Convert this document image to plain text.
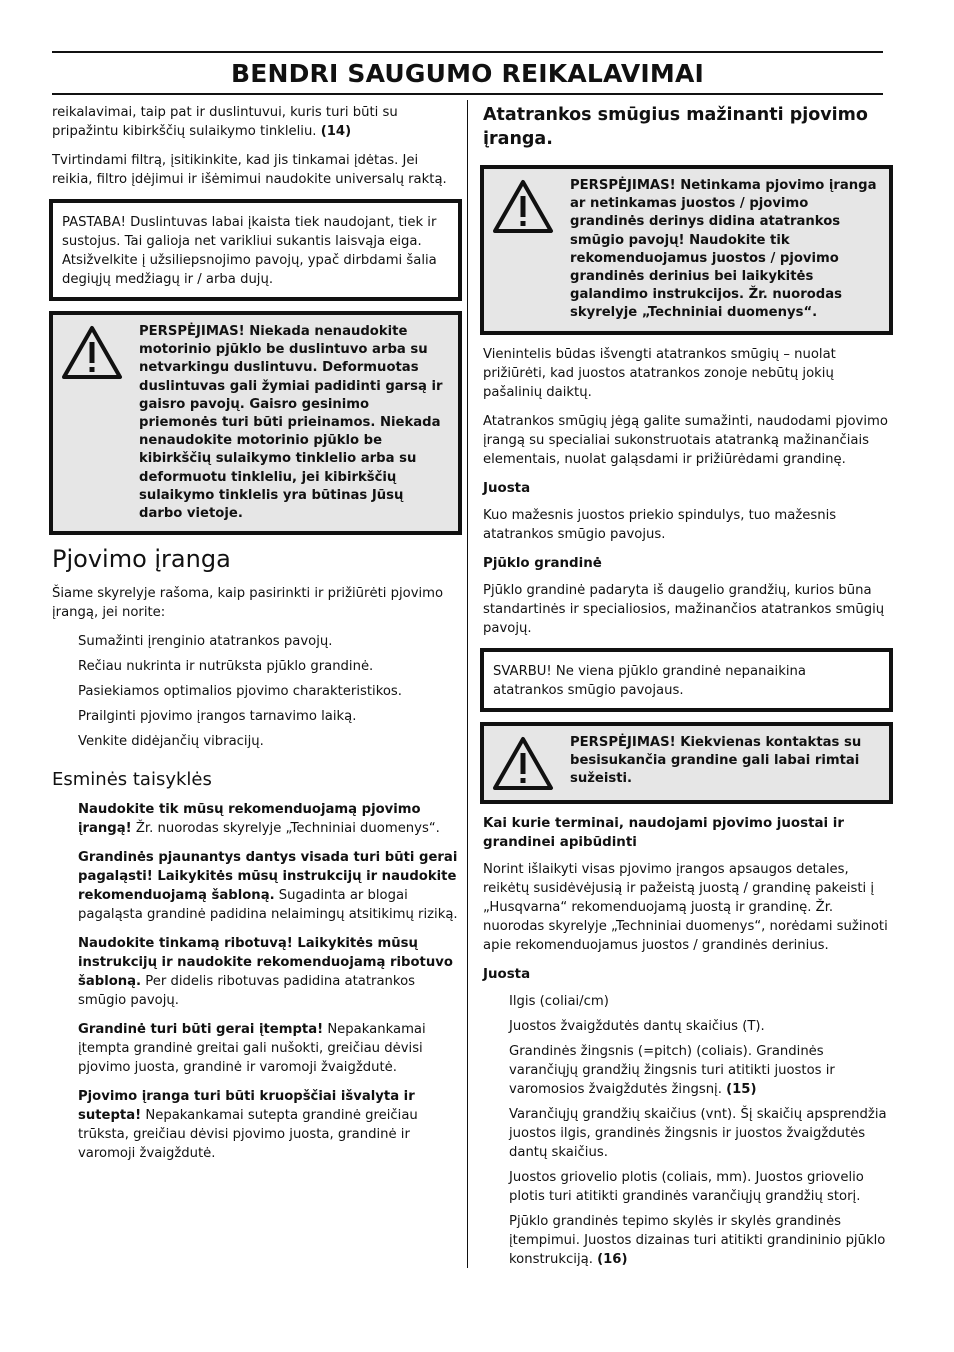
BENDRI SAUGUMO REIKALAVIMAI

reikalavimai, taip pat ir duslintuvui, kuris turi būti su pripažintu kibirkščių sulaikymo tinkleliu. (14)

Tvirtindami filtrą, įsitikinkite, kad jis tinkamai įdėtas. Jei reikia, filtro įdėjimui ir išėmimui naudokite universalų raktą.

PASTABA! Duslintuvas labai įkaista tiek naudojant, tiek ir sustojus. Tai galioja net varikliui sukantis laisvąja eiga. Atsižvelkite į užsiliepsnojimo pavojų, ypač dirbdami šalia degiųjų medžiagų ir / arba dujų.

PERSPĖJIMAS! Niekada nenaudokite motorinio pjūklo be duslintuvo arba su netvarkingu duslintuvu. Deformuotas duslintuvas gali žymiai padidinti garsą ir gaisro pavojų. Gaisro gesinimo priemonės turi būti prieinamos. Niekada nenaudokite motorinio pjūklo be kibirkščių sulaikymo tinklelio arba su deformuotu tinkleliu, jei kibirkščių sulaikymo tinklelis yra būtinas Jūsų darbo vietoje.

Pjovimo įranga

Šiame skyrelyje rašoma, kaip pasirinkti ir prižiūrėti pjovimo įrangą, jei norite:

Sumažinti įrenginio atatrankos pavojų.

Rečiau nukrinta ir nutrūksta pjūklo grandinė.

Pasiekiamos optimalios pjovimo charakteristikos.

Prailginti pjovimo įrangos tarnavimo laiką.

Venkite didėjančių vibracijų.

Esminės taisyklės

Naudokite tik mūsų rekomenduojamą pjovimo įrangą! Žr. nuorodas skyrelyje „Techniniai duomenys“.

Grandinės pjaunantys dantys visada turi būti gerai pagaląsti! Laikykitės mūsų instrukcijų ir naudokite rekomenduojamą šabloną. Sugadinta ar blogai pagaląsta grandinė padidina nelaimingų atsitikimų riziką.

Naudokite tinkamą ribotuvą! Laikykitės mūsų instrukcijų ir naudokite rekomenduojamą ribotuvo šabloną. Per didelis ribotuvas padidina atatrankos smūgio pavojų.

Grandinė turi būti gerai įtempta! Nepakankamai įtempta grandinė greitai gali nušokti, greičiau dėvisi pjovimo juosta, grandinė ir varomoji žvaigždutė.

Pjovimo įranga turi būti kruopščiai išvalyta ir sutepta! Nepakankamai sutepta grandinė greičiau trūksta, greičiau dėvisi pjovimo juosta, grandinė ir varomoji žvaigždutė.

Atatrankos smūgius mažinanti pjovimo įranga.

PERSPĖJIMAS! Netinkama pjovimo įranga ar netinkamas juostos / pjovimo grandinės derinys didina atatrankos smūgio pavojų! Naudokite tik rekomenduojamus juostos / pjovimo grandinės derinius bei laikykitės galandimo instrukcijos. Žr. nuorodas skyrelyje „Techniniai duomenys“.

Vienintelis būdas išvengti atatrankos smūgių – nuolat prižiūrėti, kad juostos atatrankos zonoje nebūtų jokių pašalinių daiktų.

Atatrankos smūgių jėgą galite sumažinti, naudodami pjovimo įrangą su specialiai sukonstruotais atatranką mažinančiais elementais, nuolat galąsdami ir prižiūrėdami grandinę.

Juosta

Kuo mažesnis juostos priekio spindulys, tuo mažesnis atatrankos smūgio pavojus.

Pjūklo grandinė

Pjūklo grandinė padaryta iš daugelio grandžių, kurios būna standartinės ir specialiosios, mažinančios atatrankos smūgių pavojų.

SVARBU! Ne viena pjūklo grandinė nepanaikina atatrankos smūgio pavojaus.

PERSPĖJIMAS! Kiekvienas kontaktas su besisukančia grandine gali labai rimtai sužeisti.

Kai kurie terminai, naudojami pjovimo juostai ir grandinei apibūdinti

Norint išlaikyti visas pjovimo įrangos apsaugos detales, reikėtų susidėvėjusią ir pažeistą juostą / grandinę pakeisti į „Husqvarna“ rekomenduojamą juostą ir grandinę. Žr. nuorodas skyrelyje „Techniniai duomenys“, norėdami sužinoti apie rekomenduojamus juostos / grandinės derinius.

Juosta

Ilgis (coliai/cm)

Juostos žvaigždutės dantų skaičius (T).

Grandinės žingsnis (=pitch) (coliais). Grandinės varančiųjų grandžių žingsnis turi atitikti juostos ir varomosios žvaigždutės žingsnį. (15)

Varančiųjų grandžių skaičius (vnt). Šį skaičių apsprendžia juostos ilgis, grandinės žingsnis ir juostos žvaigždutės dantų skaičius.

Juostos griovelio plotis (coliais, mm). Juostos griovelio plotis turi atitikti grandinės varančiųjų grandžių storį.

Pjūklo grandinės tepimo skylės ir skylės grandinės įtempimui. Juostos dizainas turi atitikti grandininio pjūklo konstrukciją. (16)
